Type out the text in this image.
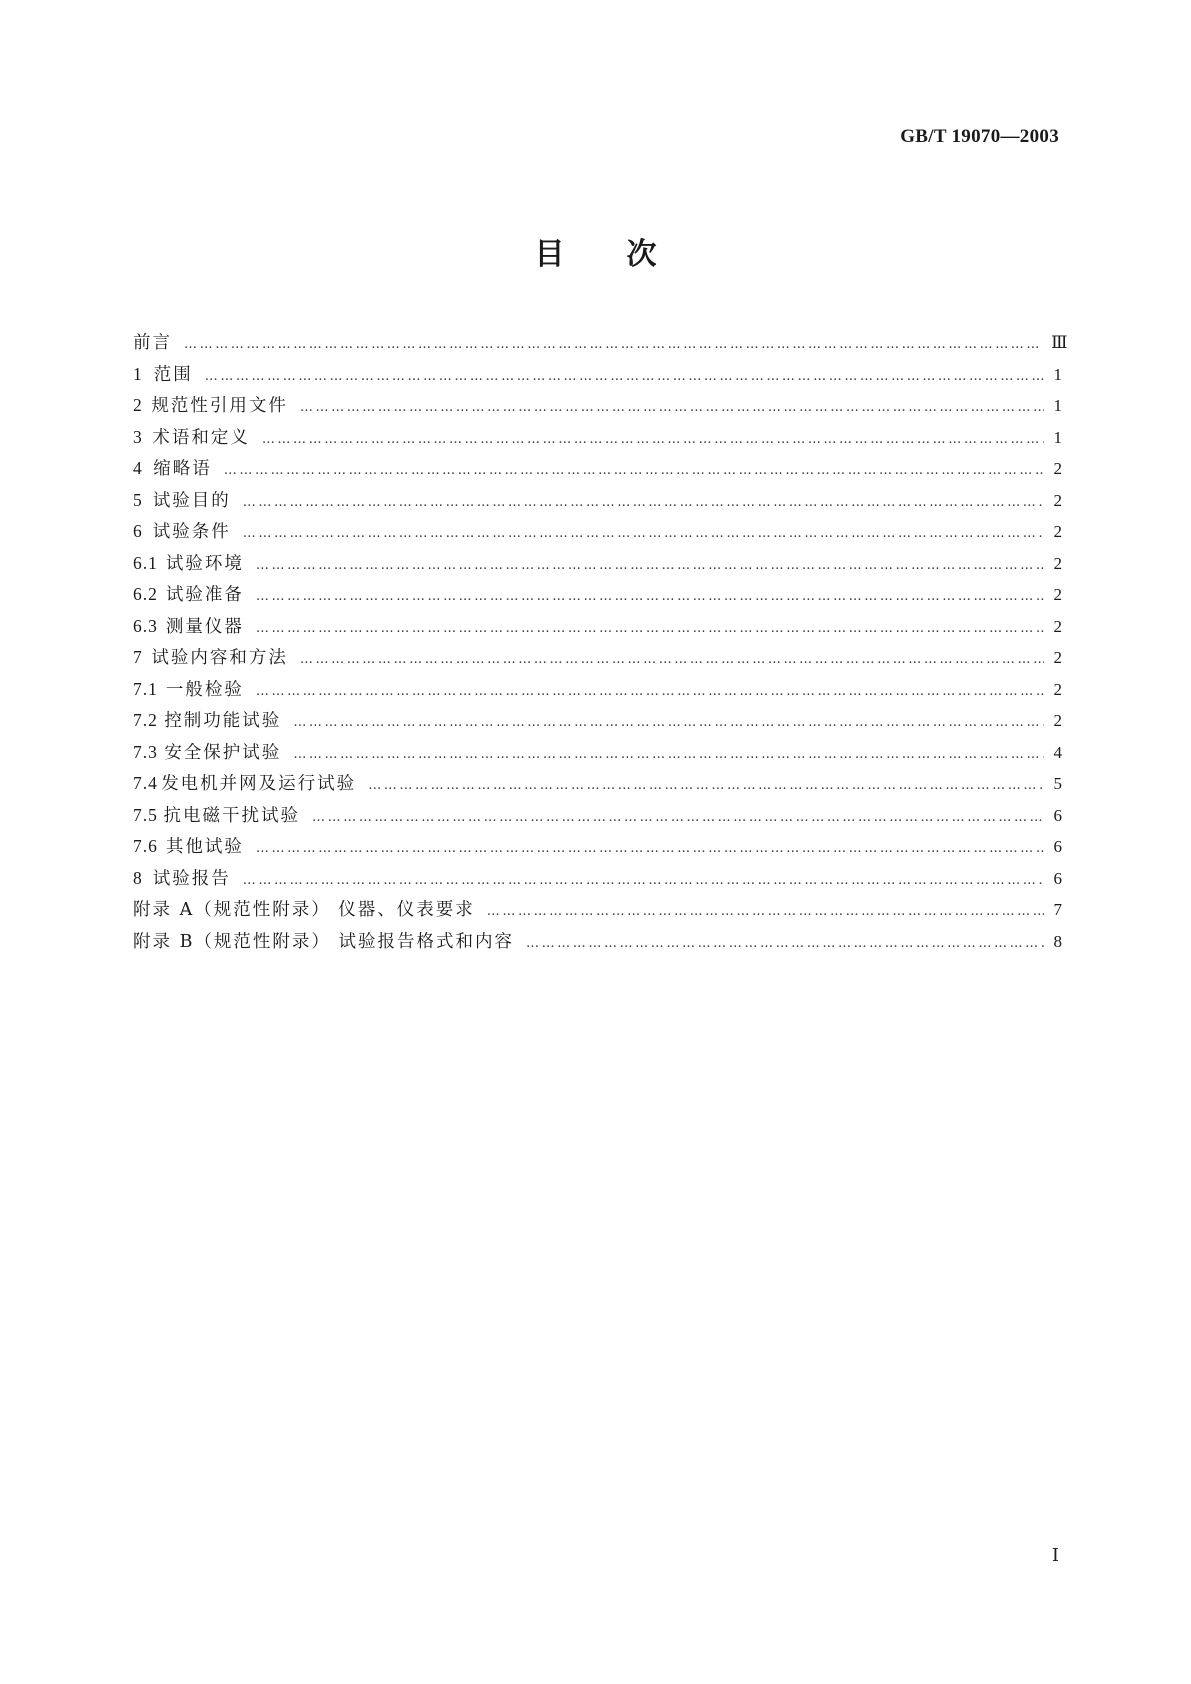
GB/T 19070—2003
目次
前言 ……………………………………………………………………………………………………………………………………………………………………………………………………………………………	Ⅲ
1 范围 ……………………………………………………………………………………………………………………………………………………………………………………………………………………………	1
2 规范性引用文件 ……………………………………………………………………………………………………………………………………………………………………………………………………………………………	1
3 术语和定义 ……………………………………………………………………………………………………………………………………………………………………………………………………………………………	1
4 缩略语 ……………………………………………………………………………………………………………………………………………………………………………………………………………………………	2
5 试验目的 ……………………………………………………………………………………………………………………………………………………………………………………………………………………………	2
6 试验条件 ……………………………………………………………………………………………………………………………………………………………………………………………………………………………	2
6.1 试验环境 ……………………………………………………………………………………………………………………………………………………………………………………………………………………………	2
6.2 试验准备 ……………………………………………………………………………………………………………………………………………………………………………………………………………………………	2
6.3 测量仪器 ……………………………………………………………………………………………………………………………………………………………………………………………………………………………	2
7 试验内容和方法 ……………………………………………………………………………………………………………………………………………………………………………………………………………………………	2
7.1 一般检验 ……………………………………………………………………………………………………………………………………………………………………………………………………………………………	2
7.2 控制功能试验 ……………………………………………………………………………………………………………………………………………………………………………………………………………………………	2
7.3 安全保护试验 ……………………………………………………………………………………………………………………………………………………………………………………………………………………………	4
7.4 发电机并网及运行试验 ……………………………………………………………………………………………………………………………………………………………………………………………………………………………	5
7.5 抗电磁干扰试验 ……………………………………………………………………………………………………………………………………………………………………………………………………………………………	6
7.6 其他试验 ……………………………………………………………………………………………………………………………………………………………………………………………………………………………	6
8 试验报告 ……………………………………………………………………………………………………………………………………………………………………………………………………………………………	6
附录 A（规范性附录） 仪器、仪表要求 ……………………………………………………………………………………………………………………………………………………………………………………………………………………………	7
附录 B（规范性附录） 试验报告格式和内容 ……………………………………………………………………………………………………………………………………………………………………………………………………………………………	8
Ⅰ
